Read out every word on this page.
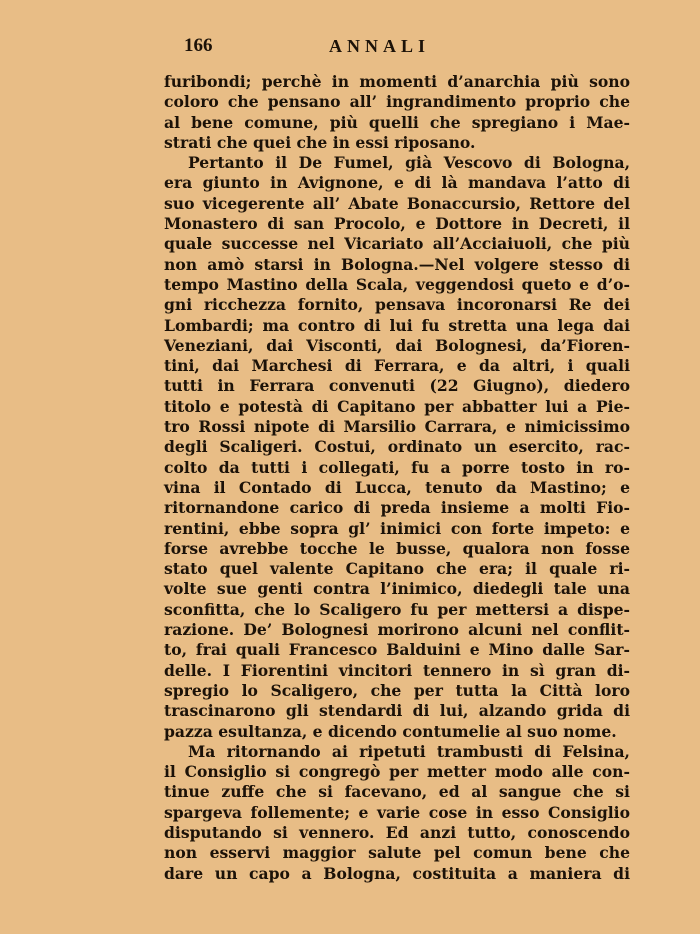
166	ANNALI
furibondi; perchè in momenti d’anarchia più sono
coloro che pensano all’ ingrandimento proprio che
al bene comune, più quelli che spregiano i Mae-
strati che quei che in essi riposano.
Pertanto il De Fumel, già Vescovo di Bologna,
era giunto in Avignone, e di là mandava l’atto di
suo vicegerente all’ Abate Bonaccursio, Rettore del
Monastero di san Procolo, e Dottore in Decreti, il
quale successe nel Vicariato all’Acciaiuoli, che più
non amò starsi in Bologna.—Nel volgere stesso di
tempo Mastino della Scala, veggendosi queto e d’o-
gni ricchezza fornito, pensava incoronarsi Re dei
Lombardi; ma contro di lui fu stretta una lega dai
Veneziani, dai Visconti, dai Bolognesi, da’Fioren-
tini, dai Marchesi di Ferrara, e da altri, i quali
tutti in Ferrara convenuti (22 Giugno), diedero
titolo e potestà di Capitano per abbatter lui a Pie-
tro Rossi nipote di Marsilio Carrara, e nimicissimo
degli Scaligeri. Costui, ordinato un esercito, rac-
colto da tutti i collegati, fu a porre tosto in ro-
vina il Contado di Lucca, tenuto da Mastino; e
ritornandone carico di preda insieme a molti Fio-
rentini, ebbe sopra gl’ inimici con forte impeto: e
forse avrebbe tocche le busse, qualora non fosse
stato quel valente Capitano che era; il quale ri-
volte sue genti contra l’inimico, diedegli tale una
sconfitta, che lo Scaligero fu per mettersi a dispe-
razione. De’ Bolognesi morirono alcuni nel conflit-
to, frai quali Francesco Balduini e Mino dalle Sar-
delle. I Fiorentini vincitori tennero in sì gran di-
spregio lo Scaligero, che per tutta la Città loro
trascinarono gli stendardi di lui, alzando grida di
pazza esultanza, e dicendo contumelie al suo nome.
Ma ritornando ai ripetuti trambusti di Felsina,
il Consiglio si congregò per metter modo alle con-
tinue zuffe che si facevano, ed al sangue che si
spargeva follemente; e varie cose in esso Consiglio
disputando si vennero. Ed anzi tutto, conoscendo
non esservi maggior salute pel comun bene che
dare un capo a Bologna, costituita a maniera di
